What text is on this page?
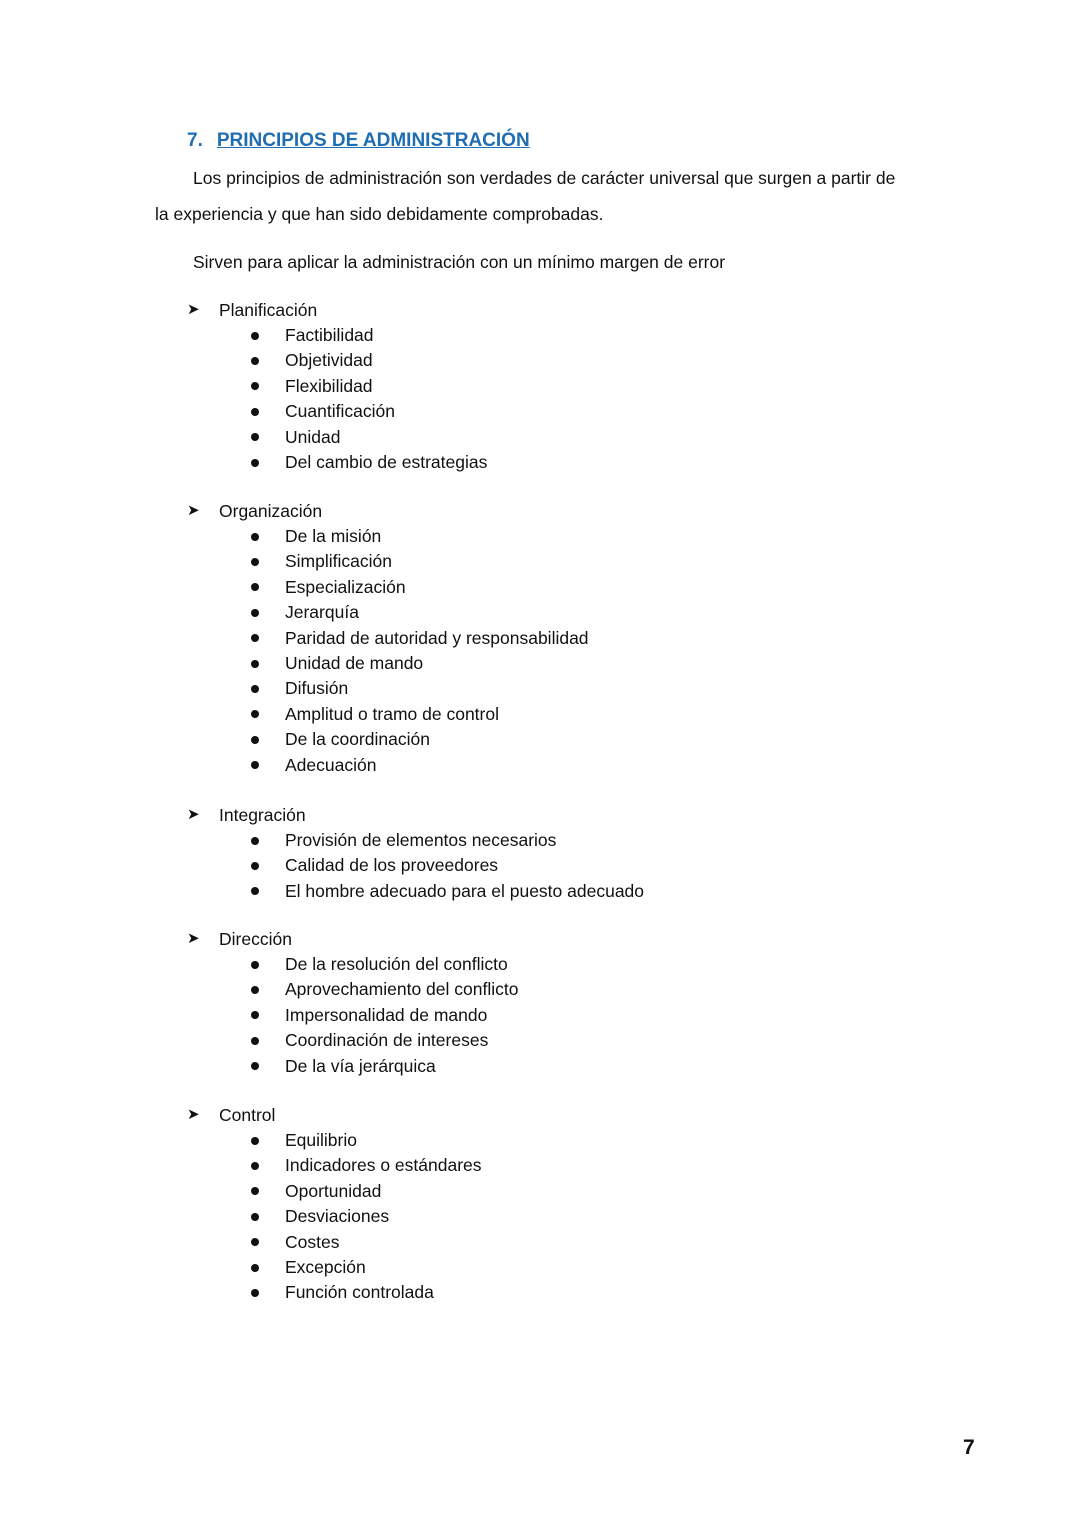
7. PRINCIPIOS DE ADMINISTRACIÓN
Los principios de administración son verdades de carácter universal que surgen a partir de
la experiencia y que han sido debidamente comprobadas.
Sirven para aplicar la administración con un mínimo margen de error
➤	Planificación
Factibilidad
Objetividad
Flexibilidad
Cuantificación
Unidad
Del cambio de estrategias
➤	Organización
De la misión
Simplificación
Especialización
Jerarquía
Paridad de autoridad y responsabilidad
Unidad de mando
Difusión
Amplitud o tramo de control
De la coordinación
Adecuación
➤	Integración
Provisión de elementos necesarios
Calidad de los proveedores
El hombre adecuado para el puesto adecuado
➤	Dirección
De la resolución del conflicto
Aprovechamiento del conflicto
Impersonalidad de mando
Coordinación de intereses
De la vía jerárquica
➤	Control
Equilibrio
Indicadores o estándares
Oportunidad
Desviaciones
Costes
Excepción
Función controlada
7
